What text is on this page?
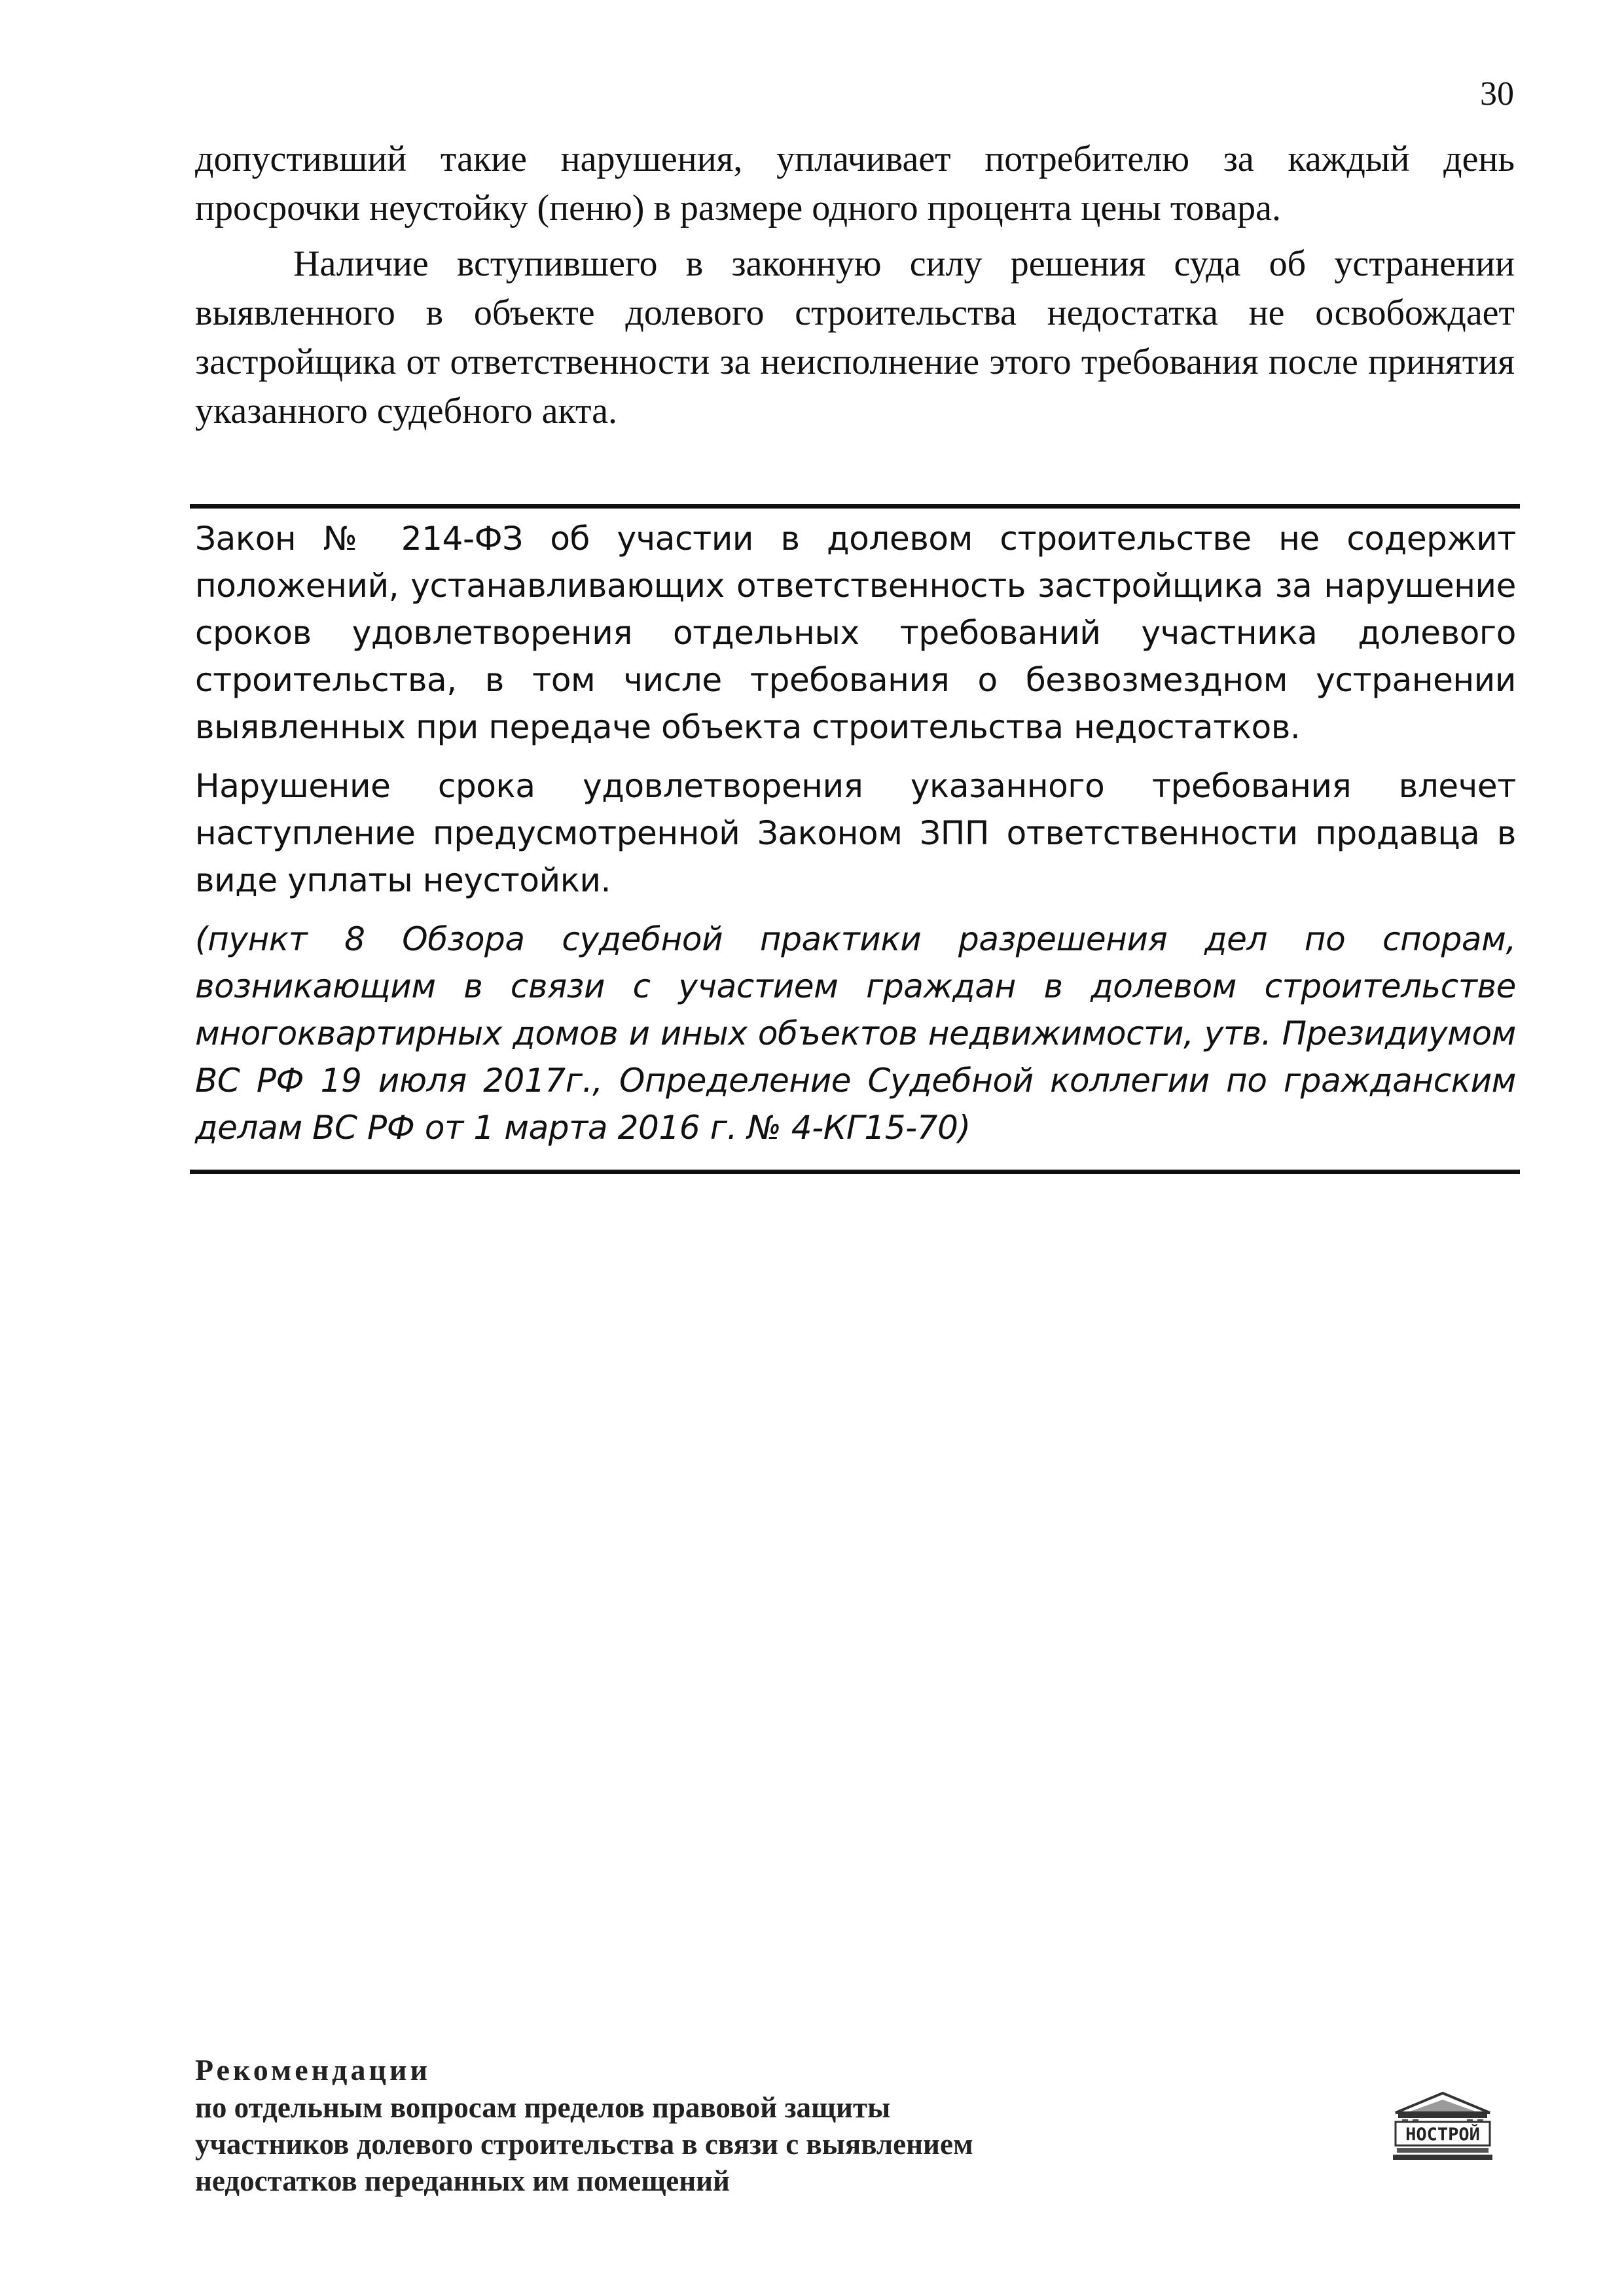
30

допустивший такие нарушения, уплачивает потребителю за каждый день просрочки неустойку (пеню) в размере одного процента цены товара.

Наличие вступившего в законную силу решения суда об устранении выявленного в объекте долевого строительства недостатка не освобождает застройщика от ответственности за неисполнение этого требования после принятия указанного судебного акта.

Закон № 214-ФЗ об участии в долевом строительстве не содержит положений, устанавливающих ответственность застройщика за нарушение сроков удовлетворения отдельных требований участника долевого строительства, в том числе требования о безвозмездном устранении выявленных при передаче объекта строительства недостатков.

Нарушение срока удовлетворения указанного требования влечет наступление предусмотренной Законом ЗПП ответственности продавца в виде уплаты неустойки.

(пункт 8 Обзора судебной практики разрешения дел по спорам, возникающим в связи с участием граждан в долевом строительстве многоквартирных домов и иных объектов недвижимости, утв. Президиумом ВС РФ 19 июля 2017г., Определение Судебной коллегии по гражданским делам ВС РФ от 1 марта 2016 г. № 4-КГ15-70)

Рекомендации
по отдельным вопросам пределов правовой защиты
участников долевого строительства в связи с выявлением
недостатков переданных им помещений
НОСТРОЙ
